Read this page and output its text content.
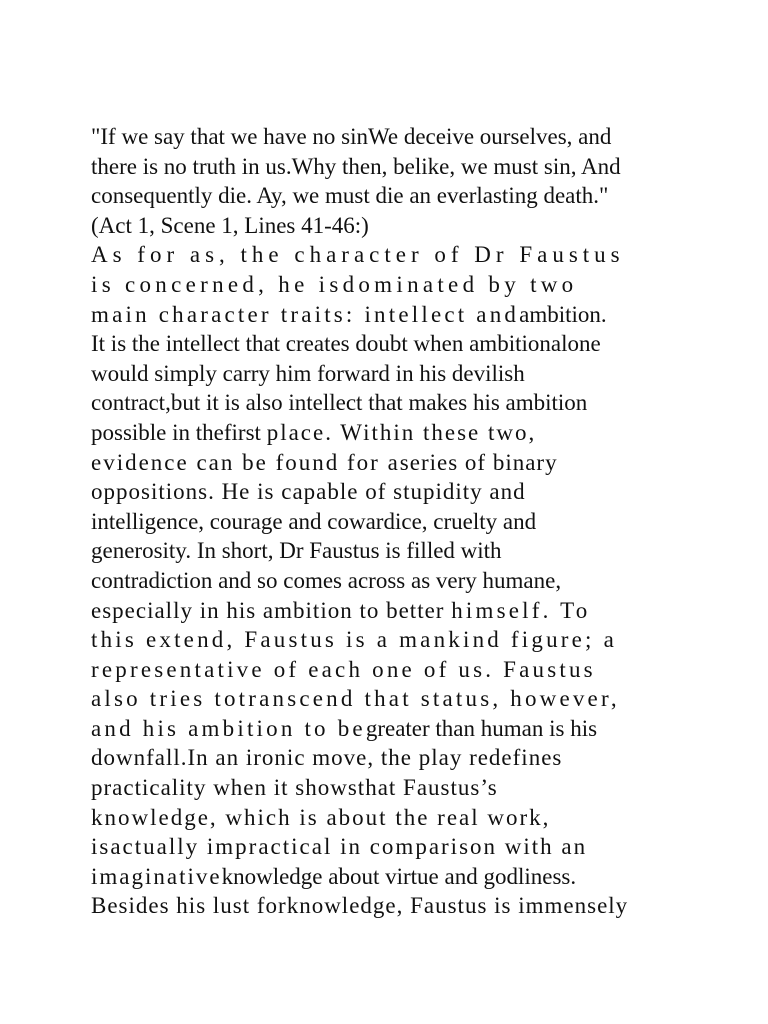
"If we say that we have no sinWe deceive ourselves, and
there is no truth in us.Why then, belike, we must sin, And
consequently die. Ay, we must die an everlasting death."
(Act 1, Scene 1, Lines 41-46:)
As for as, the character of Dr Faustus
is concerned, he isdominated by two
main character traits: intellect andambition.
It is the intellect that creates doubt when ambitionalone
would simply carry him forward in his devilish
contract,but it is also intellect that makes his ambition
possible in thefirst place. Within these two,
evidence can be found for aseries of binary
oppositions. He is capable of stupidity and
intelligence, courage and cowardice, cruelty and
generosity. In short, Dr Faustus is filled with
contradiction and so comes across as very humane,
especially in his ambition to better himself. To
this extend, Faustus is a mankind figure; a
representative of each one of us. Faustus
also tries totranscend that status, however,
and his ambition to begreater than human is his
downfall.In an ironic move, the play redefines
practicality when it showsthat Faustus’s
knowledge, which is about the real work,
isactually impractical in comparison with an
imaginativeknowledge about virtue and godliness.
Besides his lust forknowledge, Faustus is immensely
